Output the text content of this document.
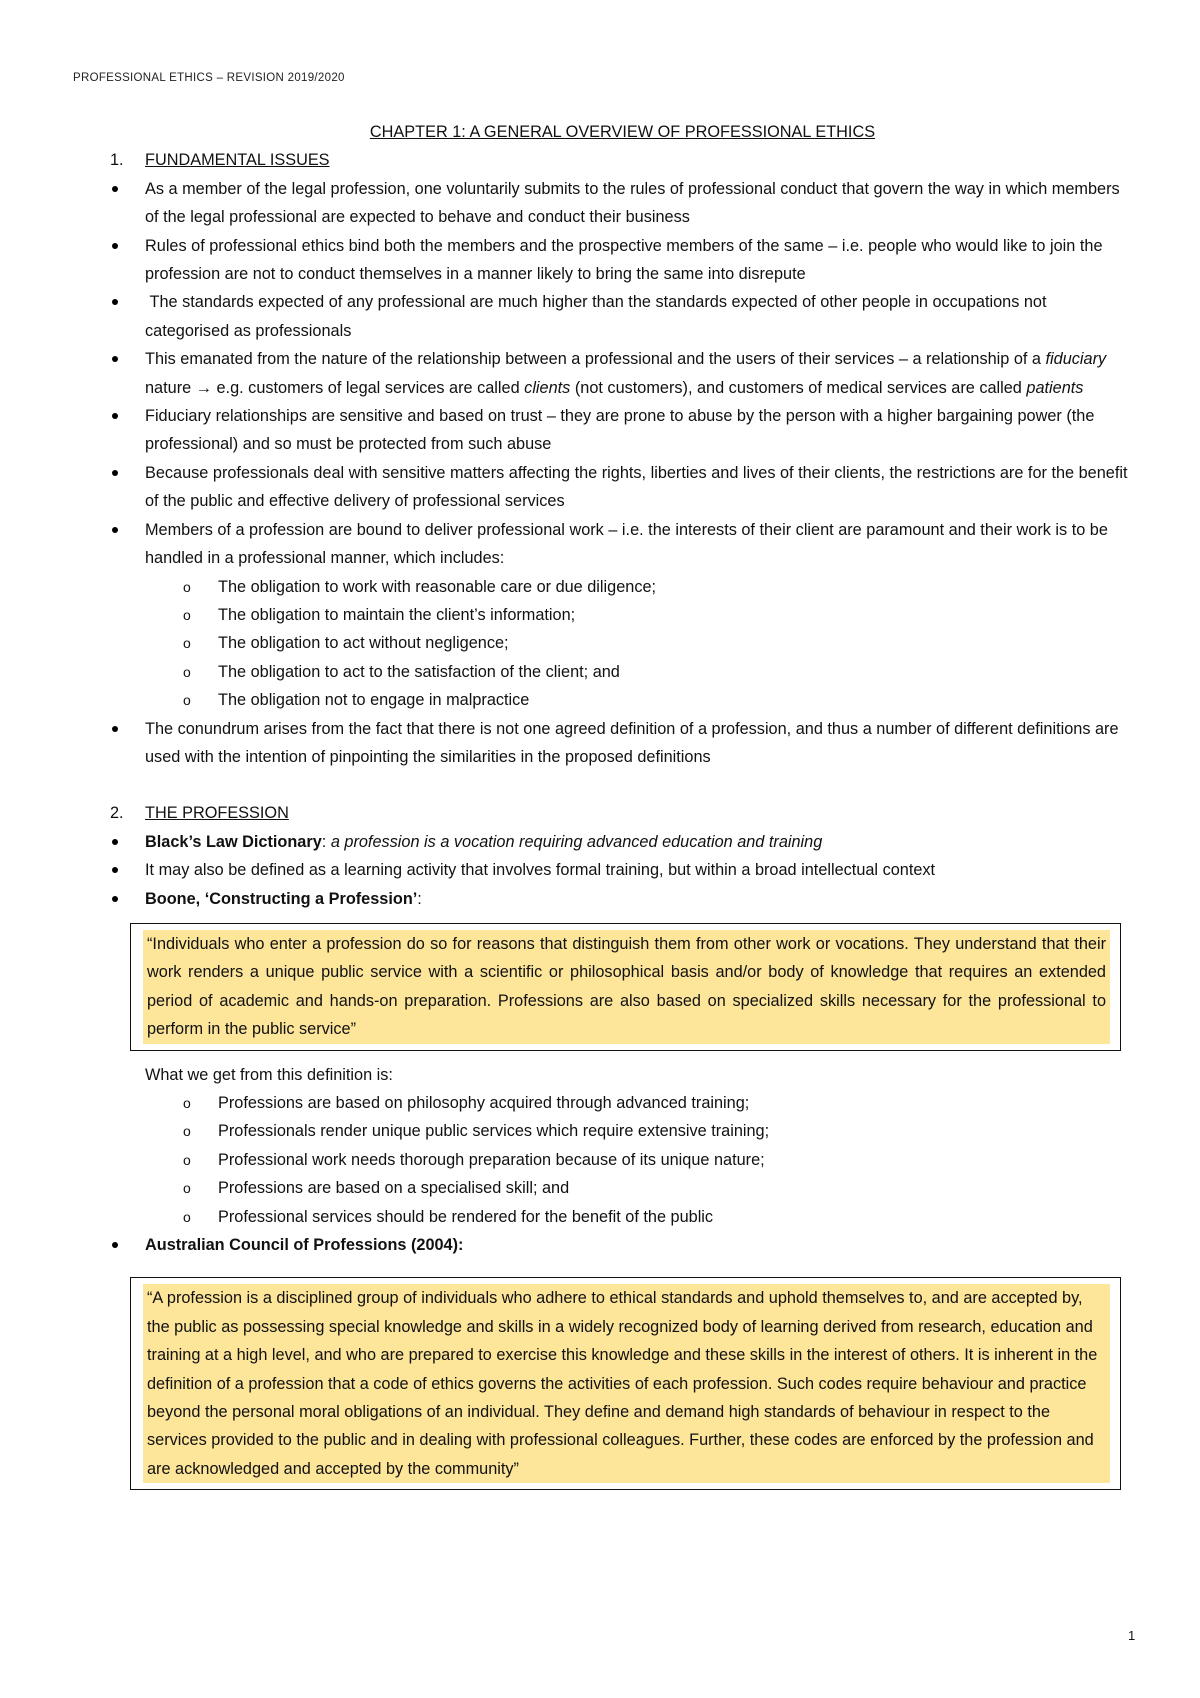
PROFESSIONAL ETHICS – REVISION 2019/2020
CHAPTER 1: A GENERAL OVERVIEW OF PROFESSIONAL ETHICS
1.	FUNDAMENTAL ISSUES
As a member of the legal profession, one voluntarily submits to the rules of professional conduct that govern the way in which members of the legal professional are expected to behave and conduct their business
Rules of professional ethics bind both the members and the prospective members of the same – i.e. people who would like to join the profession are not to conduct themselves in a manner likely to bring the same into disrepute
The standards expected of any professional are much higher than the standards expected of other people in occupations not categorised as professionals
This emanated from the nature of the relationship between a professional and the users of their services – a relationship of a fiduciary nature → e.g. customers of legal services are called clients (not customers), and customers of medical services are called patients
Fiduciary relationships are sensitive and based on trust – they are prone to abuse by the person with a higher bargaining power (the professional) and so must be protected from such abuse
Because professionals deal with sensitive matters affecting the rights, liberties and lives of their clients, the restrictions are for the benefit of the public and effective delivery of professional services
Members of a profession are bound to deliver professional work – i.e. the interests of their client are paramount and their work is to be handled in a professional manner, which includes:
o	The obligation to work with reasonable care or due diligence;
o	The obligation to maintain the client’s information;
o	The obligation to act without negligence;
o	The obligation to act to the satisfaction of the client; and
o	The obligation not to engage in malpractice
The conundrum arises from the fact that there is not one agreed definition of a profession, and thus a number of different definitions are used with the intention of pinpointing the similarities in the proposed definitions
2.	THE PROFESSION
Black’s Law Dictionary: a profession is a vocation requiring advanced education and training
It may also be defined as a learning activity that involves formal training, but within a broad intellectual context
Boone, ‘Constructing a Profession’:

“Individuals who enter a profession do so for reasons that distinguish them from other work or vocations. They understand that their work renders a unique public service with a scientific or philosophical basis and/or body of knowledge that requires an extended period of academic and hands-on preparation. Professions are also based on specialized skills necessary for the professional to perform in the public service”

What we get from this definition is:
o	Professions are based on philosophy acquired through advanced training;
o	Professionals render unique public services which require extensive training;
o	Professional work needs thorough preparation because of its unique nature;
o	Professions are based on a specialised skill; and
o	Professional services should be rendered for the benefit of the public
Australian Council of Professions (2004):

“A profession is a disciplined group of individuals who adhere to ethical standards and uphold themselves to, and are accepted by, the public as possessing special knowledge and skills in a widely recognized body of learning derived from research, education and training at a high level, and who are prepared to exercise this knowledge and these skills in the interest of others. It is inherent in the definition of a profession that a code of ethics governs the activities of each profession. Such codes require behaviour and practice beyond the personal moral obligations of an individual. They define and demand high standards of behaviour in respect to the services provided to the public and in dealing with professional colleagues. Further, these codes are enforced by the profession and are acknowledged and accepted by the community”

1
